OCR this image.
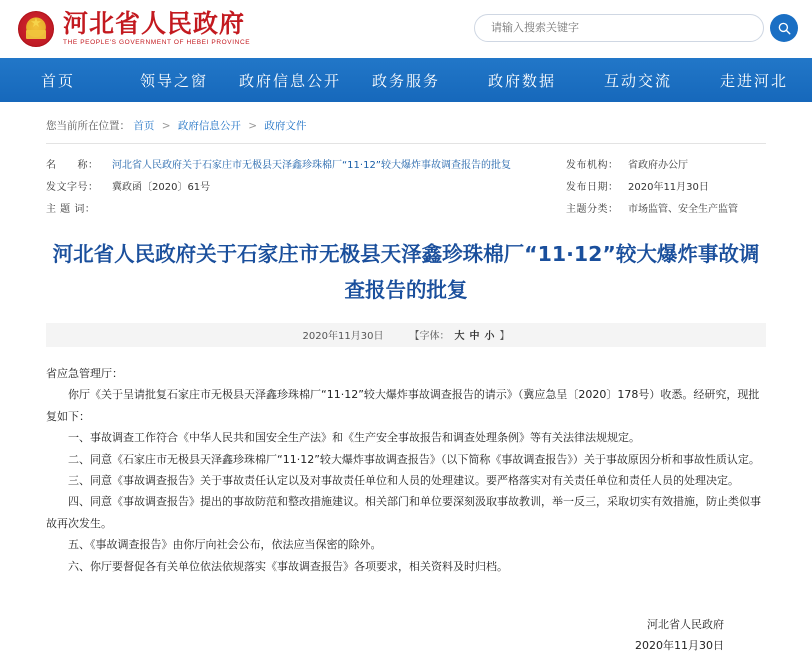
★
河北省人民政府
THE PEOPLE'S GOVERNMENT OF HEBEI PROVINCE
请输入搜索关键字
首页	领导之窗	政府信息公开	政务服务	政府数据	互动交流	走进河北
您当前所在位置： 首页 > 政府信息公开 > 政府文件
名　　称：	河北省人民政府关于石家庄市无极县天泽鑫珍珠棉厂“11·12”较大爆炸事故调查报告的批复
发文字号：	冀政函〔2020〕61号
主 题 词：
发布机构： 省政府办公厅
发布日期： 2020年11月30日
主题分类： 市场监管、安全生产监管
河北省人民政府关于石家庄市无极县天泽鑫珍珠棉厂“11·12”较大爆炸事故调查报告的批复
2020年11月30日	【字体： 大 中 小 】

省应急管理厅：

你厅《关于呈请批复石家庄市无极县天泽鑫珍珠棉厂“11·12”较大爆炸事故调查报告的请示》（冀应急呈〔2020〕178号）收悉。经研究，现批复如下：

一、事故调查工作符合《中华人民共和国安全生产法》和《生产安全事故报告和调查处理条例》等有关法律法规规定。

二、同意《石家庄市无极县天泽鑫珍珠棉厂“11·12”较大爆炸事故调查报告》（以下简称《事故调查报告》）关于事故原因分析和事故性质认定。

三、同意《事故调查报告》关于事故责任认定以及对事故责任单位和人员的处理建议。要严格落实对有关责任单位和责任人员的处理决定。

四、同意《事故调查报告》提出的事故防范和整改措施建议。相关部门和单位要深刻汲取事故教训，举一反三，采取切实有效措施，防止类似事故再次发生。

五、《事故调查报告》由你厅向社会公布，依法应当保密的除外。

六、你厅要督促各有关单位依法依规落实《事故调查报告》各项要求，相关资料及时归档。

河北省人民政府
2020年11月30日
